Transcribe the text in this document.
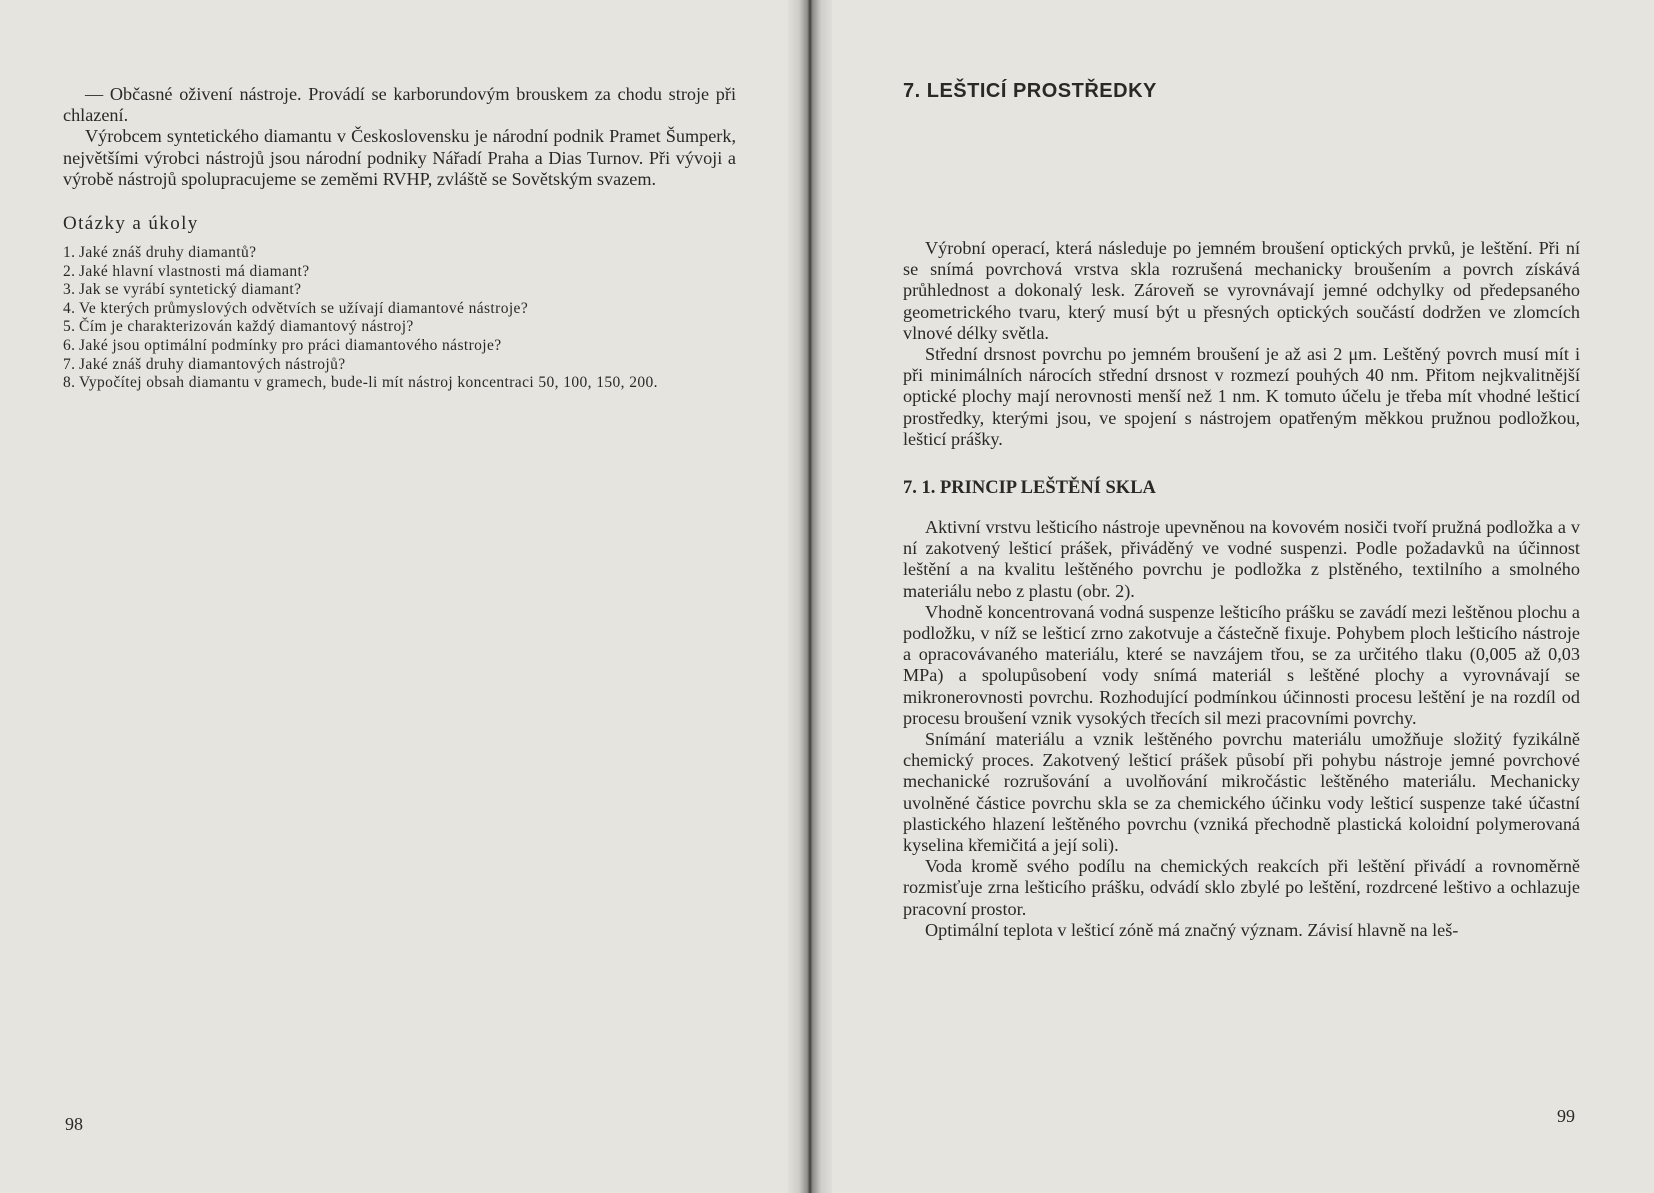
— Občasné oživení nástroje. Provádí se karborundovým brouskem za chodu stroje při chlazení.

Výrobcem syntetického diamantu v Československu je národní podnik Pramet Šumperk, největšími výrobci nástrojů jsou národní podniky Nářadí Praha a Dias Turnov. Při vývoji a výrobě nástrojů spolupracujeme se zeměmi RVHP, zvláště se Sovětským svazem.

Otázky a úkoly
1. Jaké znáš druhy diamantů?
2. Jaké hlavní vlastnosti má diamant?
3. Jak se vyrábí syntetický diamant?
4. Ve kterých průmyslových odvětvích se užívají diamantové nástroje?
5. Čím je charakterizován každý diamantový nástroj?
6. Jaké jsou optimální podmínky pro práci diamantového nástroje?
7. Jaké znáš druhy diamantových nástrojů?
8. Vypočítej obsah diamantu v gramech, bude-li mít nástroj koncentraci 50, 100, 150, 200.
98
7. LEŠTICÍ PROSTŘEDKY

Výrobní operací, která následuje po jemném broušení optických prvků, je leštění. Při ní se snímá povrchová vrstva skla rozrušená mechanicky broušením a povrch získává průhlednost a dokonalý lesk. Zároveň se vyrovnávají jemné odchylky od předepsaného geometrického tvaru, který musí být u přesných optických součástí dodržen ve zlomcích vlnové délky světla.

Střední drsnost povrchu po jemném broušení je až asi 2 μm. Leštěný povrch musí mít i při minimálních nárocích střední drsnost v rozmezí pouhých 40 nm. Přitom nejkvalitnější optické plochy mají nerovnosti menší než 1 nm. K tomuto účelu je třeba mít vhodné lešticí prostředky, kterými jsou, ve spojení s nástrojem opatřeným měkkou pružnou podložkou, lešticí prášky.

7. 1. PRINCIP LEŠTĚNÍ SKLA

Aktivní vrstvu lešticího nástroje upevněnou na kovovém nosiči tvoří pružná podložka a v ní zakotvený lešticí prášek, přiváděný ve vodné suspenzi. Podle požadavků na účinnost leštění a na kvalitu leštěného povrchu je podložka z plstěného, textilního a smolného materiálu nebo z plastu (obr. 2).

Vhodně koncentrovaná vodná suspenze lešticího prášku se zavádí mezi leštěnou plochu a podložku, v níž se lešticí zrno zakotvuje a částečně fixuje. Pohybem ploch lešticího nástroje a opracovávaného materiálu, které se navzájem třou, se za určitého tlaku (0,005 až 0,03 MPa) a spolupůsobení vody snímá materiál s leštěné plochy a vyrovnávají se mikronerovnosti povrchu. Rozhodující podmínkou účinnosti procesu leštění je na rozdíl od procesu broušení vznik vysokých třecích sil mezi pracovními povrchy.

Snímání materiálu a vznik leštěného povrchu materiálu umožňuje složitý fyzikálně chemický proces. Zakotvený lešticí prášek působí při pohybu nástroje jemné povrchové mechanické rozrušování a uvolňování mikročástic leštěného materiálu. Mechanicky uvolněné částice povrchu skla se za chemického účinku vody lešticí suspenze také účastní plastického hlazení leštěného povrchu (vzniká přechodně plastická koloidní polymerovaná kyselina křemičitá a její soli).

Voda kromě svého podílu na chemických reakcích při leštění přivádí a rovnoměrně rozmisťuje zrna lešticího prášku, odvádí sklo zbylé po leštění, rozdrcené leštivo a ochlazuje pracovní prostor.

Optimální teplota v lešticí zóně má značný význam. Závisí hlavně na leš-

99
